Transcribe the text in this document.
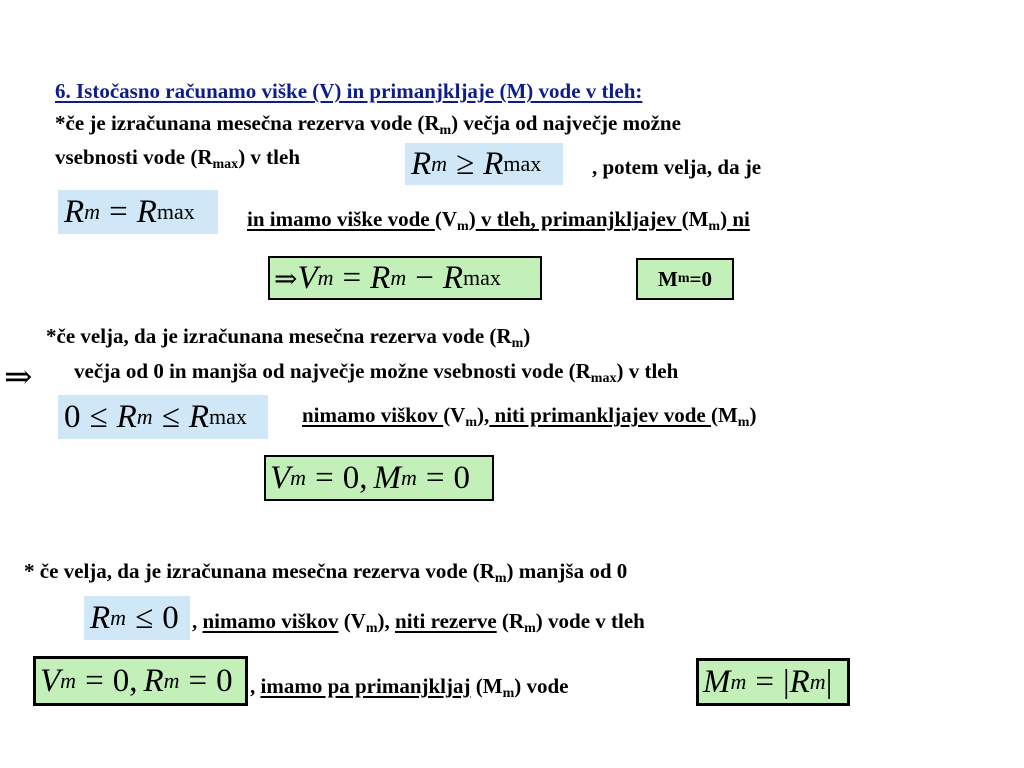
6. Istočasno računamo viške (V) in primanjkljaje (M) vode v tleh:
*če je izračunana mesečna rezerva vode $(R_m)$ večja od največje možne
vsebnosti vode $(R_{max})$ v tleh	R m ≥ R max , potem velja, da je
R m = R max in imamo viške vode $(V_m)$ v tleh, primanjkljajev $(M_m)$ ni
⇒ V m = R m − R max	M m =0
*če velja, da je izračunana mesečna rezerva vode $(R_m)$
⇒ večja od 0 in manjša od največje možne vsebnosti vode $(R_{max})$ v tleh
0 ≤ R m ≤ R max	nimamo viškov $(V_m)$, niti primankljajev vode $(M_m)$
V m = 0, M m = 0
* če velja, da je izračunana mesečna rezerva vode $(R_m)$ manjša od 0
R m ≤ 0 , nimamo viškov $(V_m)$, niti rezerve $(R_m)$ vode v tleh
V m = 0, R m = 0 , imamo pa primanjkljaj $(M_m)$ vode	M m = | R m |
